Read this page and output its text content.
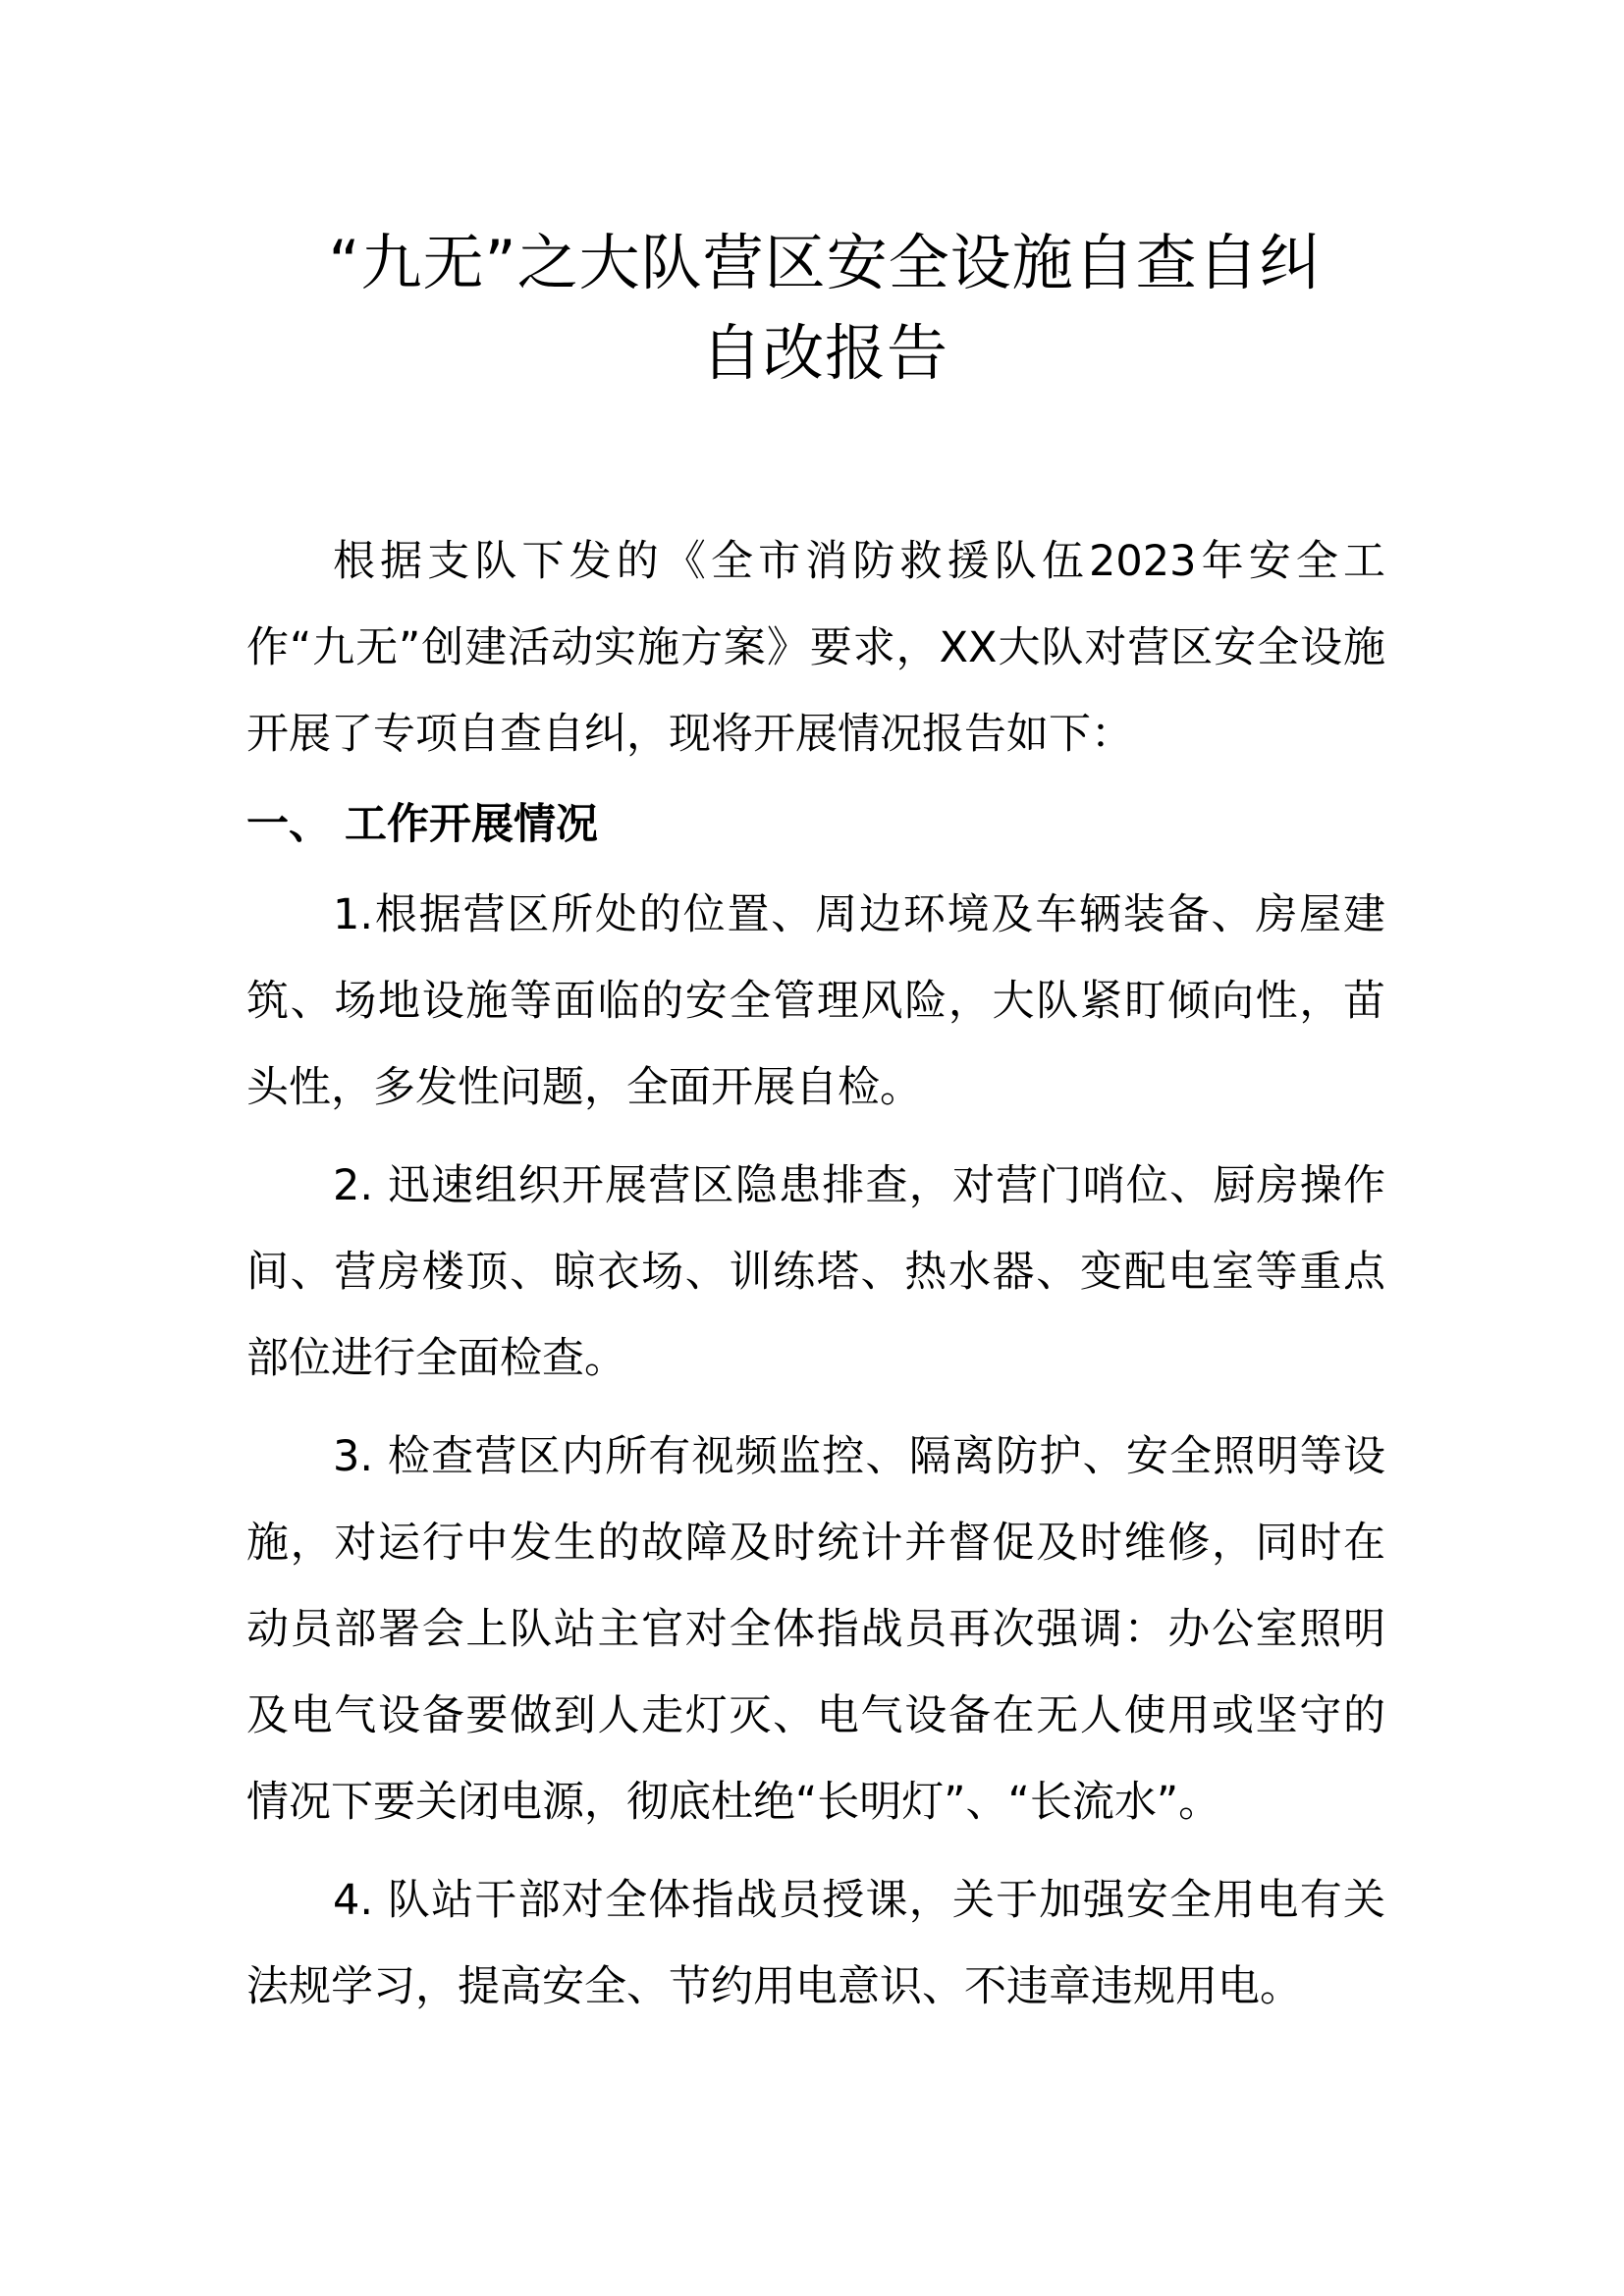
“九无”之大队营区安全设施自查自纠
自改报告

根据支队下发的《全市消防救援队伍2023年安全工作“九无”创建活动实施方案》要求，XX大队对营区安全设施开展了专项自查自纠，现将开展情况报告如下：

一、 工作开展情况

1.根据营区所处的位置、周边环境及车辆装备、房屋建筑、场地设施等面临的安全管理风险，大队紧盯倾向性，苗头性，多发性问题，全面开展自检。

2. 迅速组织开展营区隐患排查，对营门哨位、厨房操作间、营房楼顶、晾衣场、训练塔、热水器、变配电室等重点部位进行全面检查。

3. 检查营区内所有视频监控、隔离防护、安全照明等设施，对运行中发生的故障及时统计并督促及时维修，同时在动员部署会上队站主官对全体指战员再次强调：办公室照明及电气设备要做到人走灯灭、电气设备在无人使用或坚守的情况下要关闭电源，彻底杜绝“长明灯”、“长流水”。

4. 队站干部对全体指战员授课，关于加强安全用电有关法规学习，提高安全、节约用电意识、不违章违规用电。
